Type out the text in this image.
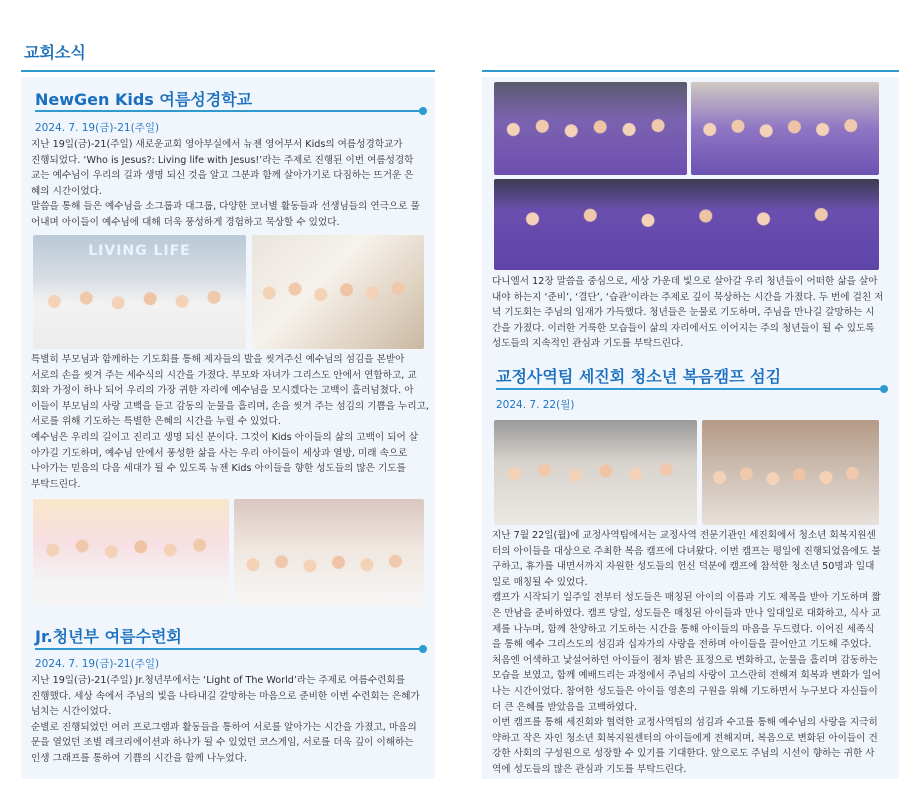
교회소식
NewGen Kids 여름성경학교
2024. 7. 19(금)-21(주일)
지난 19일(금)-21(주일) 새로운교회 영아부실에서 뉴젠 영어부서 Kids의 여름성경학교가
진행되었다. ‘Who is Jesus?: Living life with Jesus!’라는 주제로 진행된 이번 여름성경학
교는 예수님이 우리의 길과 생명 되신 것을 알고 그분과 함께 살아가기로 다짐하는 뜨거운 은
혜의 시간이었다.
말씀을 통해 들은 예수님을 소그룹과 대그룹, 다양한 코너별 활동들과 선생님들의 연극으로 풀
어내며 아이들이 예수님에 대해 더욱 풍성하게 경험하고 묵상할 수 있었다.
LIVING LIFE
특별히 부모님과 함께하는 기도회를 통해 제자들의 발을 씻겨주신 예수님의 섬김을 본받아
서로의 손을 씻겨 주는 세수식의 시간을 가졌다. 부모와 자녀가 그리스도 안에서 연합하고, 교
회와 가정이 하나 되어 우리의 가장 귀한 자리에 예수님을 모시겠다는 고백이 흘러넘쳤다. 아
이들이 부모님의 사랑 고백을 듣고 감동의 눈물을 흘리며, 손을 씻겨 주는 섬김의 기쁨을 누리고,
서로를 위해 기도하는 특별한 은혜의 시간을 누릴 수 있었다.
예수님은 우리의 길이고 진리고 생명 되신 분이다. 그것이 Kids 아이들의 삶의 고백이 되어 살
아가길 기도하며, 예수님 안에서 풍성한 삶을 사는 우리 아이들이 세상과 열방, 미래 속으로
나아가는 믿음의 다음 세대가 될 수 있도록 뉴젠 Kids 아이들을 향한 성도들의 많은 기도를
부탁드린다.
Jr.청년부 여름수련회
2024. 7. 19(금)-21(주일)
지난 19일(금)-21(주일) Jr.청년부에서는 ‘Light of The World’라는 주제로 여름수련회를
진행했다. 세상 속에서 주님의 빛을 나타내길 갈망하는 마음으로 준비한 이번 수련회는 은혜가
넘치는 시간이었다.
순별로 진행되었던 여러 프로그램과 활동들을 통하여 서로를 알아가는 시간을 가졌고, 마음의
문을 열었던 조별 레크리에이션과 하나가 될 수 있었던 코스게임, 서로를 더욱 깊이 이해하는
인생 그래프를 통하여 기쁨의 시간을 함께 나누었다.
다니엘서 12장 말씀을 중심으로, 세상 가운데 빛으로 살아갈 우리 청년들이 어떠한 삶을 살아
내야 하는지 ‘준비’, ‘결단’, ‘습관’이라는 주제로 깊이 묵상하는 시간을 가졌다. 두 번에 걸친 저
녁 기도회는 주님의 임재가 가득했다. 청년들은 눈물로 기도하며, 주님을 만나길 갈망하는 시
간을 가졌다. 이러한 거룩한 모습들이 삶의 자리에서도 이어지는 주의 청년들이 될 수 있도록
성도들의 지속적인 관심과 기도를 부탁드린다.
교정사역팀 세진회 청소년 복음캠프 섬김
2024. 7. 22(월)
지난 7월 22일(월)에 교정사역팀에서는 교정사역 전문기관인 세진회에서 청소년 회복지원센
터의 아이들을 대상으로 주최한 복음 캠프에 다녀왔다. 이번 캠프는 평일에 진행되었음에도 불
구하고, 휴가를 내면서까지 자원한 성도들의 헌신 덕분에 캠프에 참석한 청소년 50명과 일대
일로 매칭될 수 있었다.
캠프가 시작되기 일주일 전부터 성도들은 매칭된 아이의 이름과 기도 제목을 받아 기도하며 짧
은 만남을 준비하였다. 캠프 당일, 성도들은 매칭된 아이들과 만나 일대일로 대화하고, 식사 교
제를 나누며, 함께 찬양하고 기도하는 시간을 통해 아이들의 마음을 두드렸다. 이어진 세족식
을 통해 예수 그리스도의 섬김과 십자가의 사랑을 전하며 아이들을 끌어안고 기도해 주었다.
처음엔 어색하고 낯설어하던 아이들이 점차 밝은 표정으로 변화하고, 눈물을 흘리며 감동하는
모습을 보였고, 함께 예배드리는 과정에서 주님의 사랑이 고스란히 전해져 회복과 변화가 일어
나는 시간이었다. 참여한 성도들은 아이들 영혼의 구원을 위해 기도하면서 누구보다 자신들이
더 큰 은혜를 받았음을 고백하였다.
이번 캠프를 통해 세진회와 협력한 교정사역팀의 섬김과 수고를 통해 예수님의 사랑을 지극히
약하고 작은 자인 청소년 회복지원센터의 아이들에게 전해지며, 복음으로 변화된 아이들이 건
강한 사회의 구성원으로 성장할 수 있기를 기대한다. 앞으로도 주님의 시선이 향하는 귀한 사
역에 성도들의 많은 관심과 기도를 부탁드린다.
